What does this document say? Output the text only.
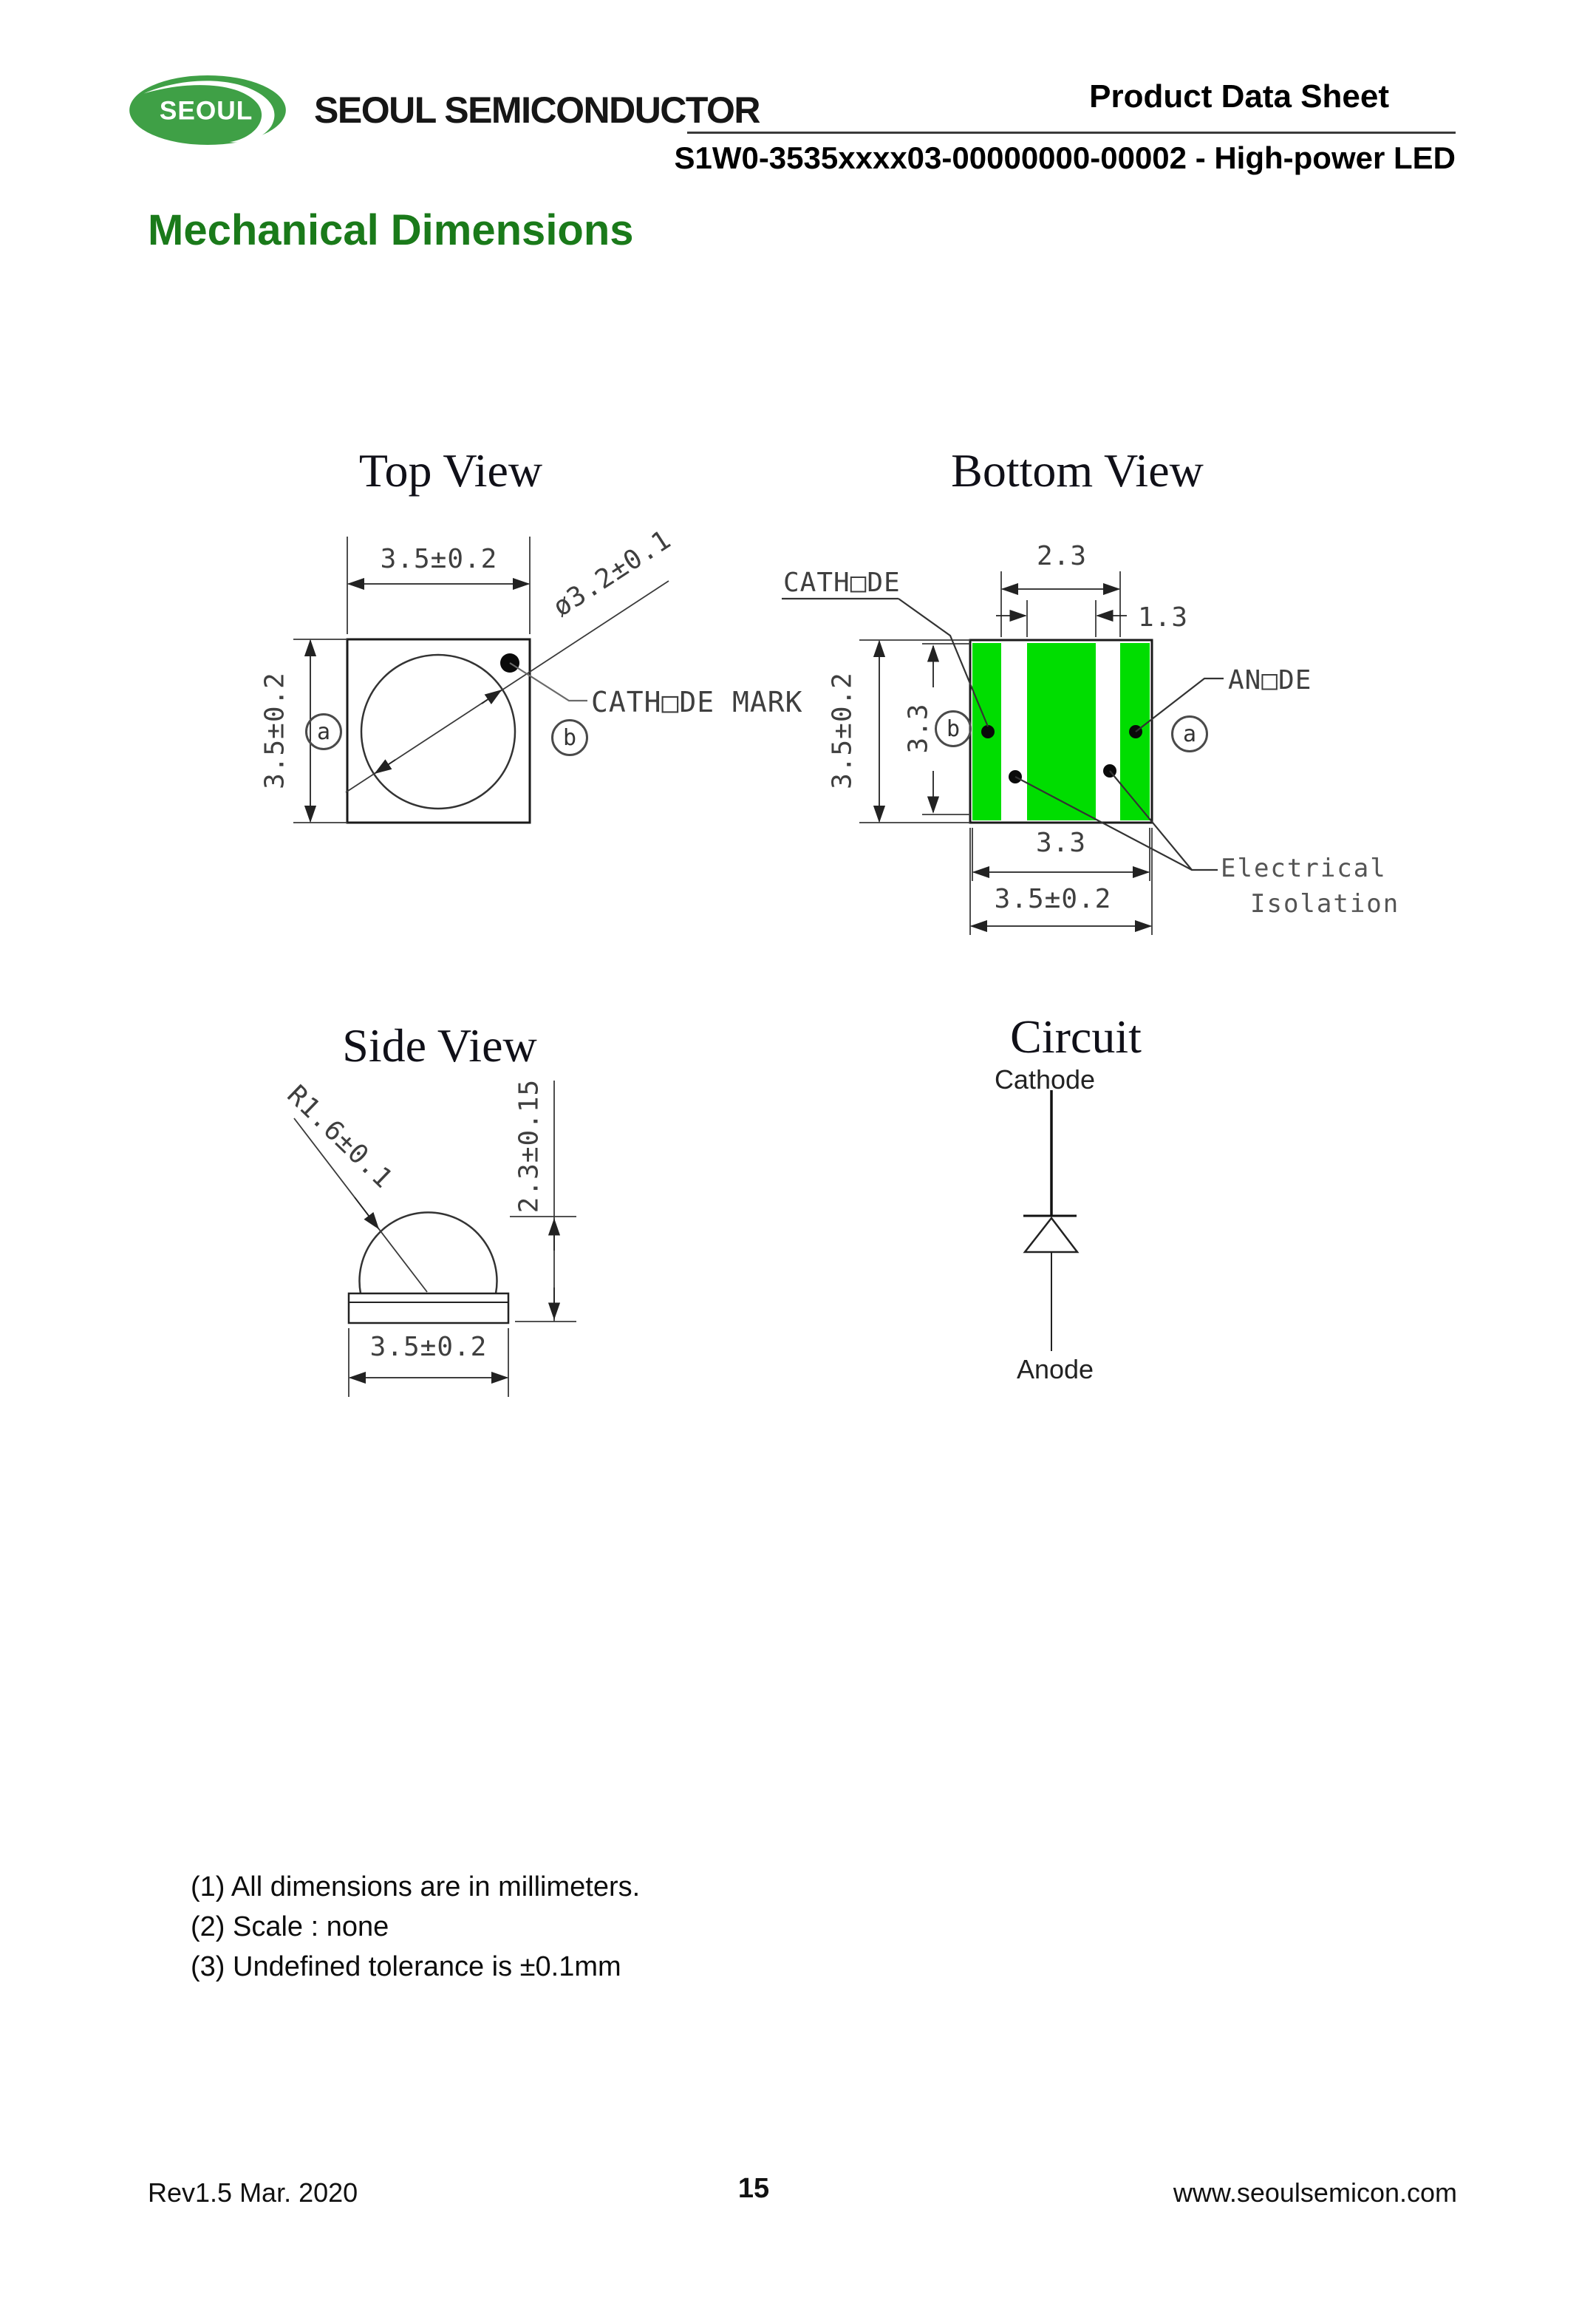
SEOUL SEOUL SEMICONDUCTOR	Product Data Sheet
S1W0-3535xxxx03-00000000-00002 - High-power LED
Mechanical Dimensions
Top View	Bottom View
Side View	Circuit
3.5±0.2
3.5±0.2
ø3.2±0.1
CATH□DE MARK
a	b
2.3
1.3
3.5±0.2 3.3
3.3
3.5±0.2
CATH□DE
AN□DE
Electrical
Isolation
b	a
R1.6±0.1	2.3±0.15
3.5±0.2
Cathode
Anode
(1) All dimensions are in millimeters.
(2) Scale : none
(3) Undefined tolerance is ±0.1mm
Rev1.5 Mar. 2020	15	www.seoulsemicon.com
